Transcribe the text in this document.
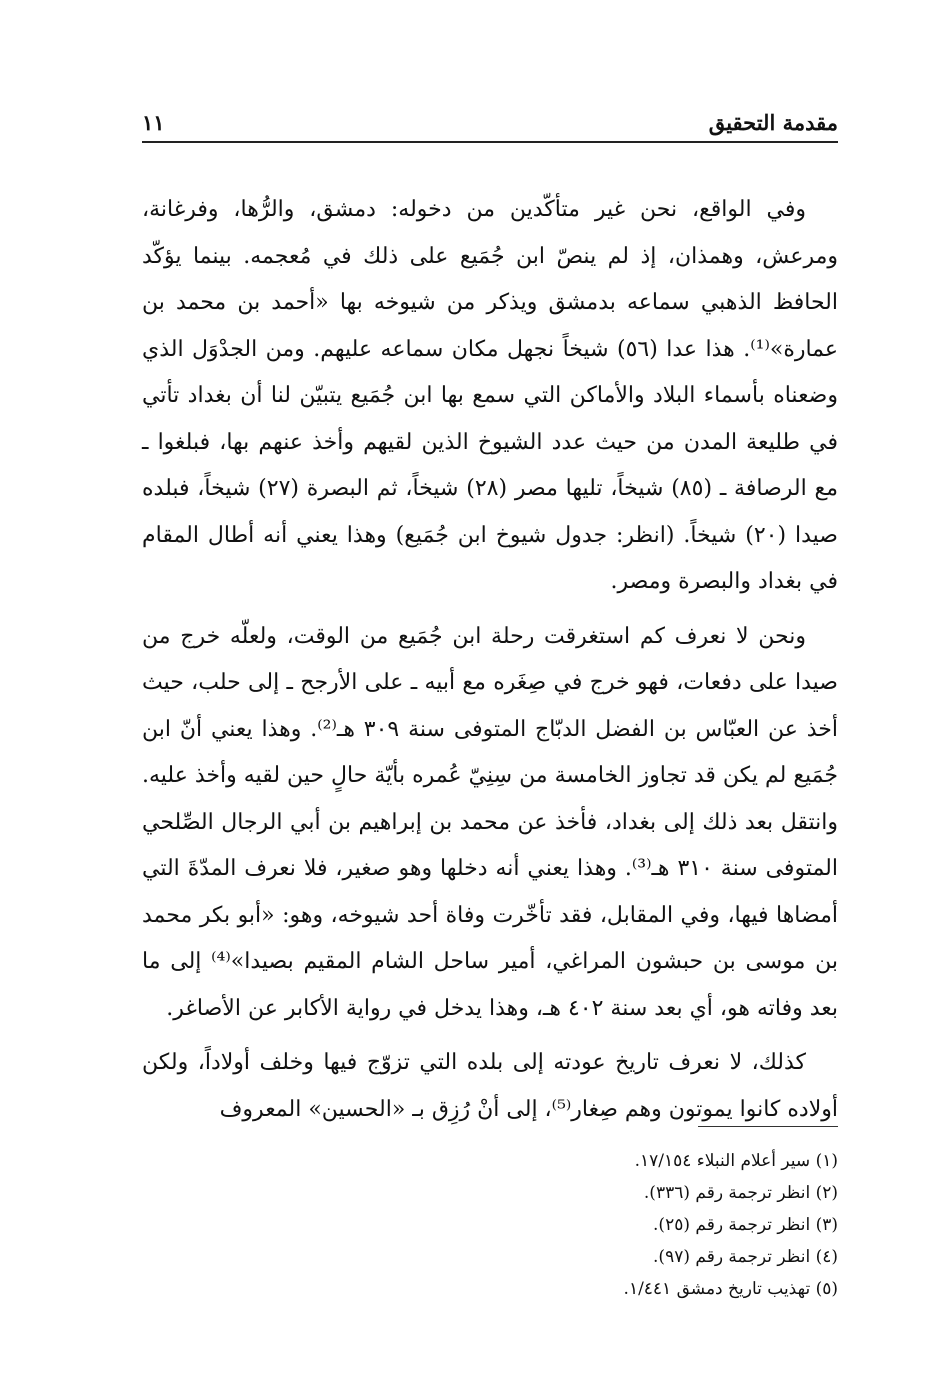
مقدمة التحقيق
١١

وفي الواقع، نحن غير متأكّدين من دخوله: دمشق، والرُّها، وفرغانة، ومرعش، وهمذان، إذ لم ينصّ ابن جُمَيع على ذلك في مُعجمه. بينما يؤكّد الحافظ الذهبي سماعه بدمشق ويذكر من شيوخه بها «أحمد بن محمد بن عمارة»⁽¹⁾. هذا عدا (٥٦) شيخاً نجهل مكان سماعه عليهم. ومن الجدْوَل الذي وضعناه بأسماء البلاد والأماكن التي سمع بها ابن جُمَيع يتبيّن لنا أن بغداد تأتي في طليعة المدن من حيث عدد الشيوخ الذين لقيهم وأخذ عنهم بها، فبلغوا ـ مع الرصافة ـ (٨٥) شيخاً، تليها مصر (٢٨) شيخاً، ثم البصرة (٢٧) شيخاً، فبلده صيدا (٢٠) شيخاً. (انظر: جدول شيوخ ابن جُمَيع) وهذا يعني أنه أطال المقام في بغداد والبصرة ومصر.

ونحن لا نعرف كم استغرقت رحلة ابن جُمَيع من الوقت، ولعلّه خرج من صيدا على دفعات، فهو خرج في صِغَره مع أبيه ـ على الأرجح ـ إلى حلب، حيث أخذ عن العبّاس بن الفضل الدبّاج المتوفى سنة ٣٠٩ هـ⁽²⁾. وهذا يعني أنّ ابن جُمَيع لم يكن قد تجاوز الخامسة من سِنِيّ عُمره بأيّة حالٍ حين لقيه وأخذ عليه. وانتقل بعد ذلك إلى بغداد، فأخذ عن محمد بن إبراهيم بن أبي الرجال الصِّلحي المتوفى سنة ٣١٠ هـ⁽³⁾. وهذا يعني أنه دخلها وهو صغير، فلا نعرف المدّةَ التي أمضاها فيها، وفي المقابل، فقد تأخّرت وفاة أحد شيوخه، وهو: «أبو بكر محمد بن موسى بن حبشون المراغي، أمير ساحل الشام المقيم بصيدا»⁽⁴⁾ إلى ما بعد وفاته هو، أي بعد سنة ٤٠٢ هـ، وهذا يدخل في رواية الأكابر عن الأصاغر.

كذلك، لا نعرف تاريخ عودته إلى بلده التي تزوّج فيها وخلف أولاداً، ولكن أولاده كانوا يموتون وهم صِغار⁽⁵⁾، إلى أنْ رُزِق بـ «الحسين» المعروف

(١) سير أعلام النبلاء ١٧/١٥٤.
(٢) انظر ترجمة رقم (٣٣٦).
(٣) انظر ترجمة رقم (٢٥).
(٤) انظر ترجمة رقم (٩٧).
(٥) تهذيب تاريخ دمشق ١/٤٤١.
